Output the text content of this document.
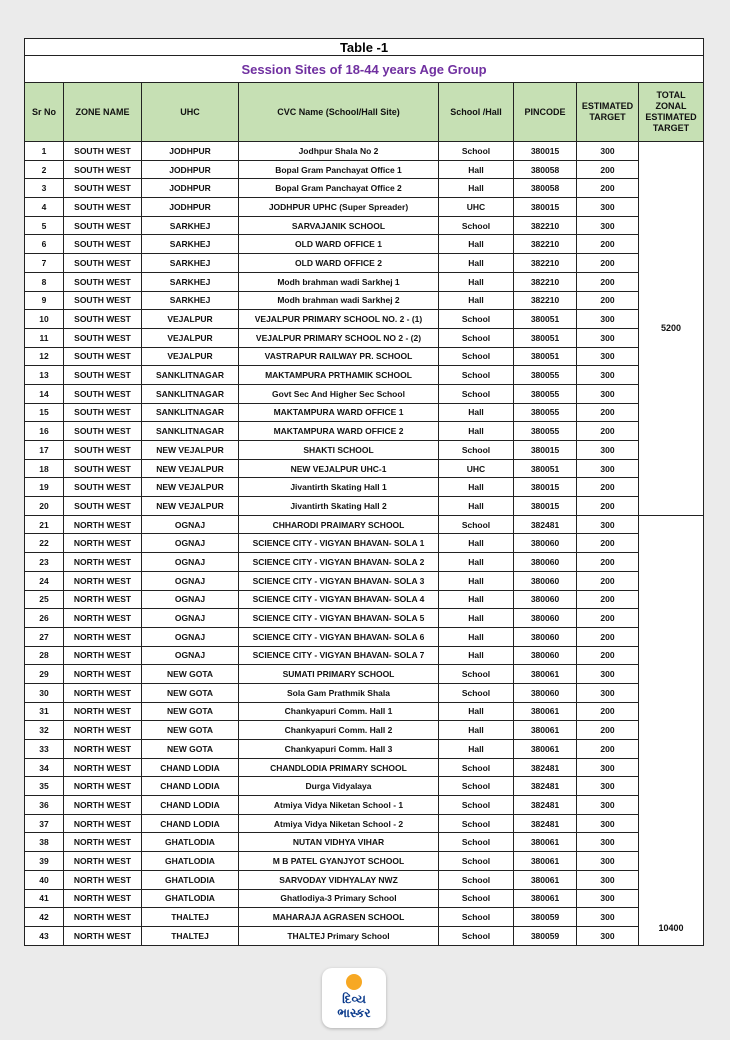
Table -1							
Session Sites of 18-44 years Age Group							
Sr No	ZONE NAME	UHC	CVC Name (School/Hall Site)	School /Hall	PINCODE	ESTIMATED TARGET	TOTAL ZONAL ESTIMATED TARGET
1	SOUTH WEST	JODHPUR	Jodhpur Shala No 2	School	380015	300	5200
2	SOUTH WEST	JODHPUR	Bopal Gram Panchayat Office 1	Hall	380058	200	
3	SOUTH WEST	JODHPUR	Bopal Gram Panchayat Office 2	Hall	380058	200	
4	SOUTH WEST	JODHPUR	JODHPUR UPHC (Super Spreader)	UHC	380015	300	
5	SOUTH WEST	SARKHEJ	SARVAJANIK SCHOOL	School	382210	300	
6	SOUTH WEST	SARKHEJ	OLD WARD OFFICE 1	Hall	382210	200	
7	SOUTH WEST	SARKHEJ	OLD WARD OFFICE 2	Hall	382210	200	
8	SOUTH WEST	SARKHEJ	Modh brahman wadi Sarkhej 1	Hall	382210	200	
9	SOUTH WEST	SARKHEJ	Modh brahman wadi Sarkhej 2	Hall	382210	200	
10	SOUTH WEST	VEJALPUR	VEJALPUR PRIMARY SCHOOL NO. 2 - (1)	School	380051	300	
11	SOUTH WEST	VEJALPUR	VEJALPUR PRIMARY SCHOOL NO 2 - (2)	School	380051	300	
12	SOUTH WEST	VEJALPUR	VASTRAPUR RAILWAY PR. SCHOOL	School	380051	300	
13	SOUTH WEST	SANKLITNAGAR	MAKTAMPURA PRTHAMIK SCHOOL	School	380055	300	
14	SOUTH WEST	SANKLITNAGAR	Govt Sec And Higher Sec School	School	380055	300	
15	SOUTH WEST	SANKLITNAGAR	MAKTAMPURA WARD OFFICE 1	Hall	380055	200	
16	SOUTH WEST	SANKLITNAGAR	MAKTAMPURA WARD OFFICE 2	Hall	380055	200	
17	SOUTH WEST	NEW VEJALPUR	SHAKTI SCHOOL	School	380015	300	
18	SOUTH WEST	NEW VEJALPUR	NEW VEJALPUR UHC-1	UHC	380051	300	
19	SOUTH WEST	NEW VEJALPUR	Jivantirth Skating Hall 1	Hall	380015	200	
20	SOUTH WEST	NEW VEJALPUR	Jivantirth Skating Hall 2	Hall	380015	200	
21	NORTH WEST	OGNAJ	CHHARODI PRAIMARY SCHOOL	School	382481	300	10400
22	NORTH WEST	OGNAJ	SCIENCE CITY - VIGYAN BHAVAN- SOLA 1	Hall	380060	200	
23	NORTH WEST	OGNAJ	SCIENCE CITY - VIGYAN BHAVAN- SOLA 2	Hall	380060	200	
24	NORTH WEST	OGNAJ	SCIENCE CITY - VIGYAN BHAVAN- SOLA 3	Hall	380060	200	
25	NORTH WEST	OGNAJ	SCIENCE CITY - VIGYAN BHAVAN- SOLA 4	Hall	380060	200	
26	NORTH WEST	OGNAJ	SCIENCE CITY - VIGYAN BHAVAN- SOLA 5	Hall	380060	200	
27	NORTH WEST	OGNAJ	SCIENCE CITY - VIGYAN BHAVAN- SOLA 6	Hall	380060	200	
28	NORTH WEST	OGNAJ	SCIENCE CITY - VIGYAN BHAVAN- SOLA 7	Hall	380060	200	
29	NORTH WEST	NEW GOTA	SUMATI PRIMARY SCHOOL	School	380061	300	
30	NORTH WEST	NEW GOTA	Sola Gam Prathmik Shala	School	380060	300	
31	NORTH WEST	NEW GOTA	Chankyapuri Comm. Hall 1	Hall	380061	200	
32	NORTH WEST	NEW GOTA	Chankyapuri Comm. Hall 2	Hall	380061	200	
33	NORTH WEST	NEW GOTA	Chankyapuri Comm. Hall 3	Hall	380061	200	
34	NORTH WEST	CHAND LODIA	CHANDLODIA PRIMARY SCHOOL	School	382481	300	
35	NORTH WEST	CHAND LODIA	Durga Vidyalaya	School	382481	300	
36	NORTH WEST	CHAND LODIA	Atmiya Vidya Niketan School - 1	School	382481	300	
37	NORTH WEST	CHAND LODIA	Atmiya Vidya Niketan School - 2	School	382481	300	
38	NORTH WEST	GHATLODIA	NUTAN VIDHYA VIHAR	School	380061	300	
39	NORTH WEST	GHATLODIA	M B PATEL GYANJYOT SCHOOL	School	380061	300	
40	NORTH WEST	GHATLODIA	SARVODAY VIDHYALAY NWZ	School	380061	300	
41	NORTH WEST	GHATLODIA	Ghatlodiya-3 Primary School	School	380061	300	
42	NORTH WEST	THALTEJ	MAHARAJA AGRASEN SCHOOL	School	380059	300	
43	NORTH WEST	THALTEJ	THALTEJ Primary School	School	380059	300	
દિવ્ય
ભાસ્કર
